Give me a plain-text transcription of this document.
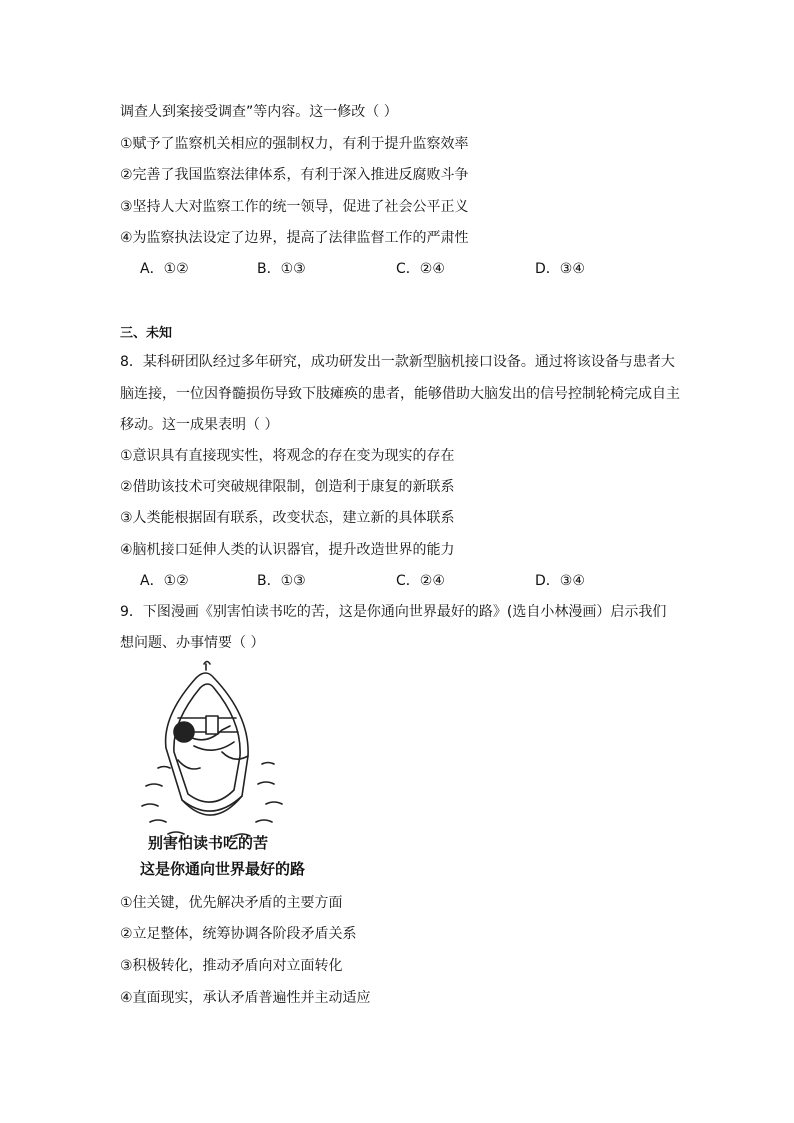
调查人到案接受调查”等内容。这一修改（ ）
①赋予了监察机关相应的强制权力，有利于提升监察效率
②完善了我国监察法律体系，有利于深入推进反腐败斗争
③坚持人大对监察工作的统一领导，促进了社会公平正义
④为监察执法设定了边界，提高了法律监督工作的严肃性
A．①②	B．①③	C．②④	D．③④
三、未知
8．某科研团队经过多年研究，成功研发出一款新型脑机接口设备。通过将该设备与患者大
脑连接，一位因脊髓损伤导致下肢瘫痪的患者，能够借助大脑发出的信号控制轮椅完成自主
移动。这一成果表明（ ）
①意识具有直接现实性，将观念的存在变为现实的存在
②借助该技术可突破规律限制，创造利于康复的新联系
③人类能根据固有联系，改变状态，建立新的具体联系
④脑机接口延伸人类的认识器官，提升改造世界的能力
A．①②	B．①③	C．②④	D．③④
9．下图漫画《别害怕读书吃的苦，这是你通向世界最好的路》(选自小林漫画）启示我们
想问题、办事情要（ ）
别害怕读书吃的苦
这是你通向世界最好的路
①住关键，优先解决矛盾的主要方面
②立足整体，统筹协调各阶段矛盾关系
③积极转化，推动矛盾向对立面转化
④直面现实，承认矛盾普遍性并主动适应
